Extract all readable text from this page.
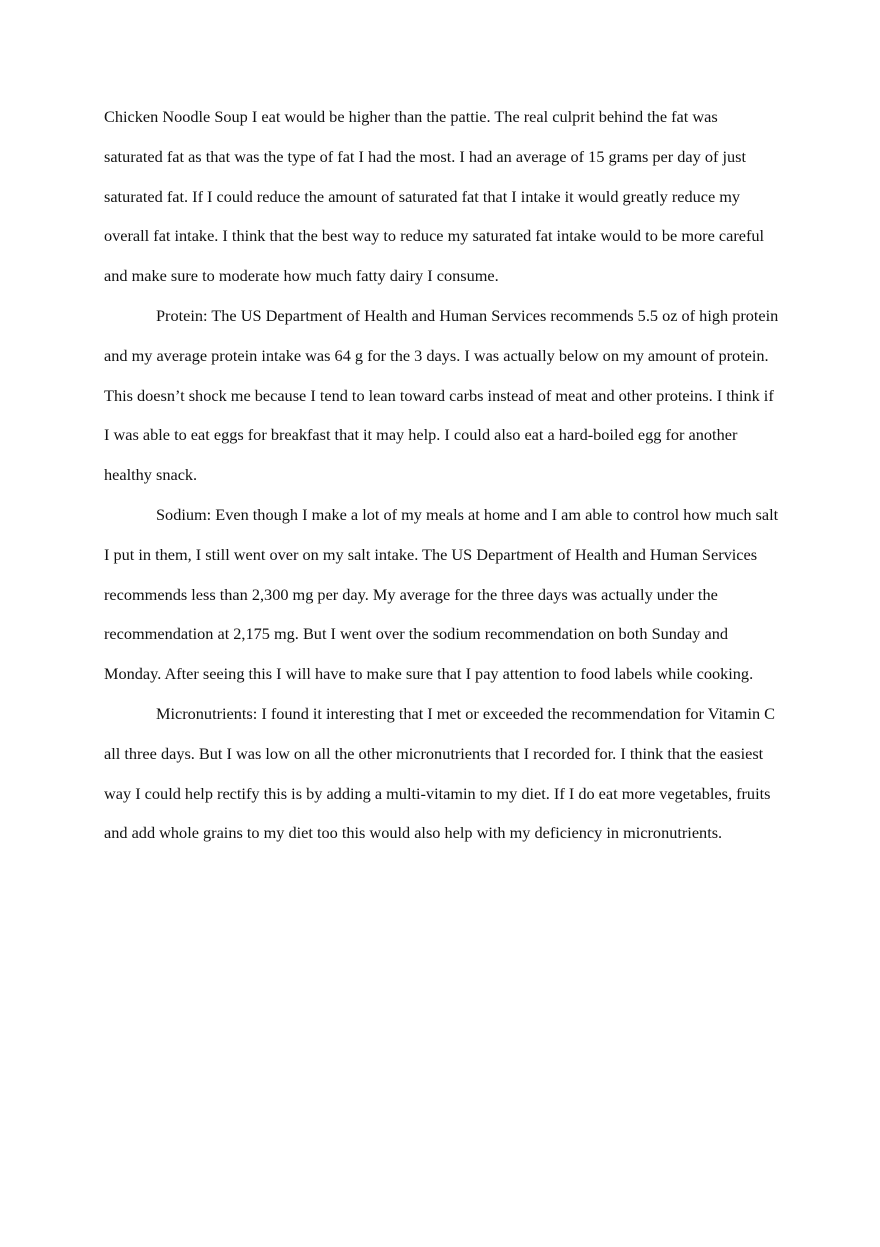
Chicken Noodle Soup I eat would be higher than the pattie. The real culprit behind the fat was saturated fat as that was the type of fat I had the most. I had an average of 15 grams per day of just saturated fat. If I could reduce the amount of saturated fat that I intake it would greatly reduce my overall fat intake. I think that the best way to reduce my saturated fat intake would to be more careful and make sure to moderate how much fatty dairy I consume.

Protein: The US Department of Health and Human Services recommends 5.5 oz of high protein and my average protein intake was 64 g for the 3 days. I was actually below on my amount of protein. This doesn’t shock me because I tend to lean toward carbs instead of meat and other proteins. I think if I was able to eat eggs for breakfast that it may help. I could also eat a hard-boiled egg for another healthy snack.

Sodium: Even though I make a lot of my meals at home and I am able to control how much salt I put in them, I still went over on my salt intake. The US Department of Health and Human Services recommends less than 2,300 mg per day. My average for the three days was actually under the recommendation at 2,175 mg. But I went over the sodium recommendation on both Sunday and Monday. After seeing this I will have to make sure that I pay attention to food labels while cooking.

Micronutrients: I found it interesting that I met or exceeded the recommendation for Vitamin C all three days. But I was low on all the other micronutrients that I recorded for. I think that the easiest way I could help rectify this is by adding a multi-vitamin to my diet. If I do eat more vegetables, fruits and add whole grains to my diet too this would also help with my deficiency in micronutrients.
